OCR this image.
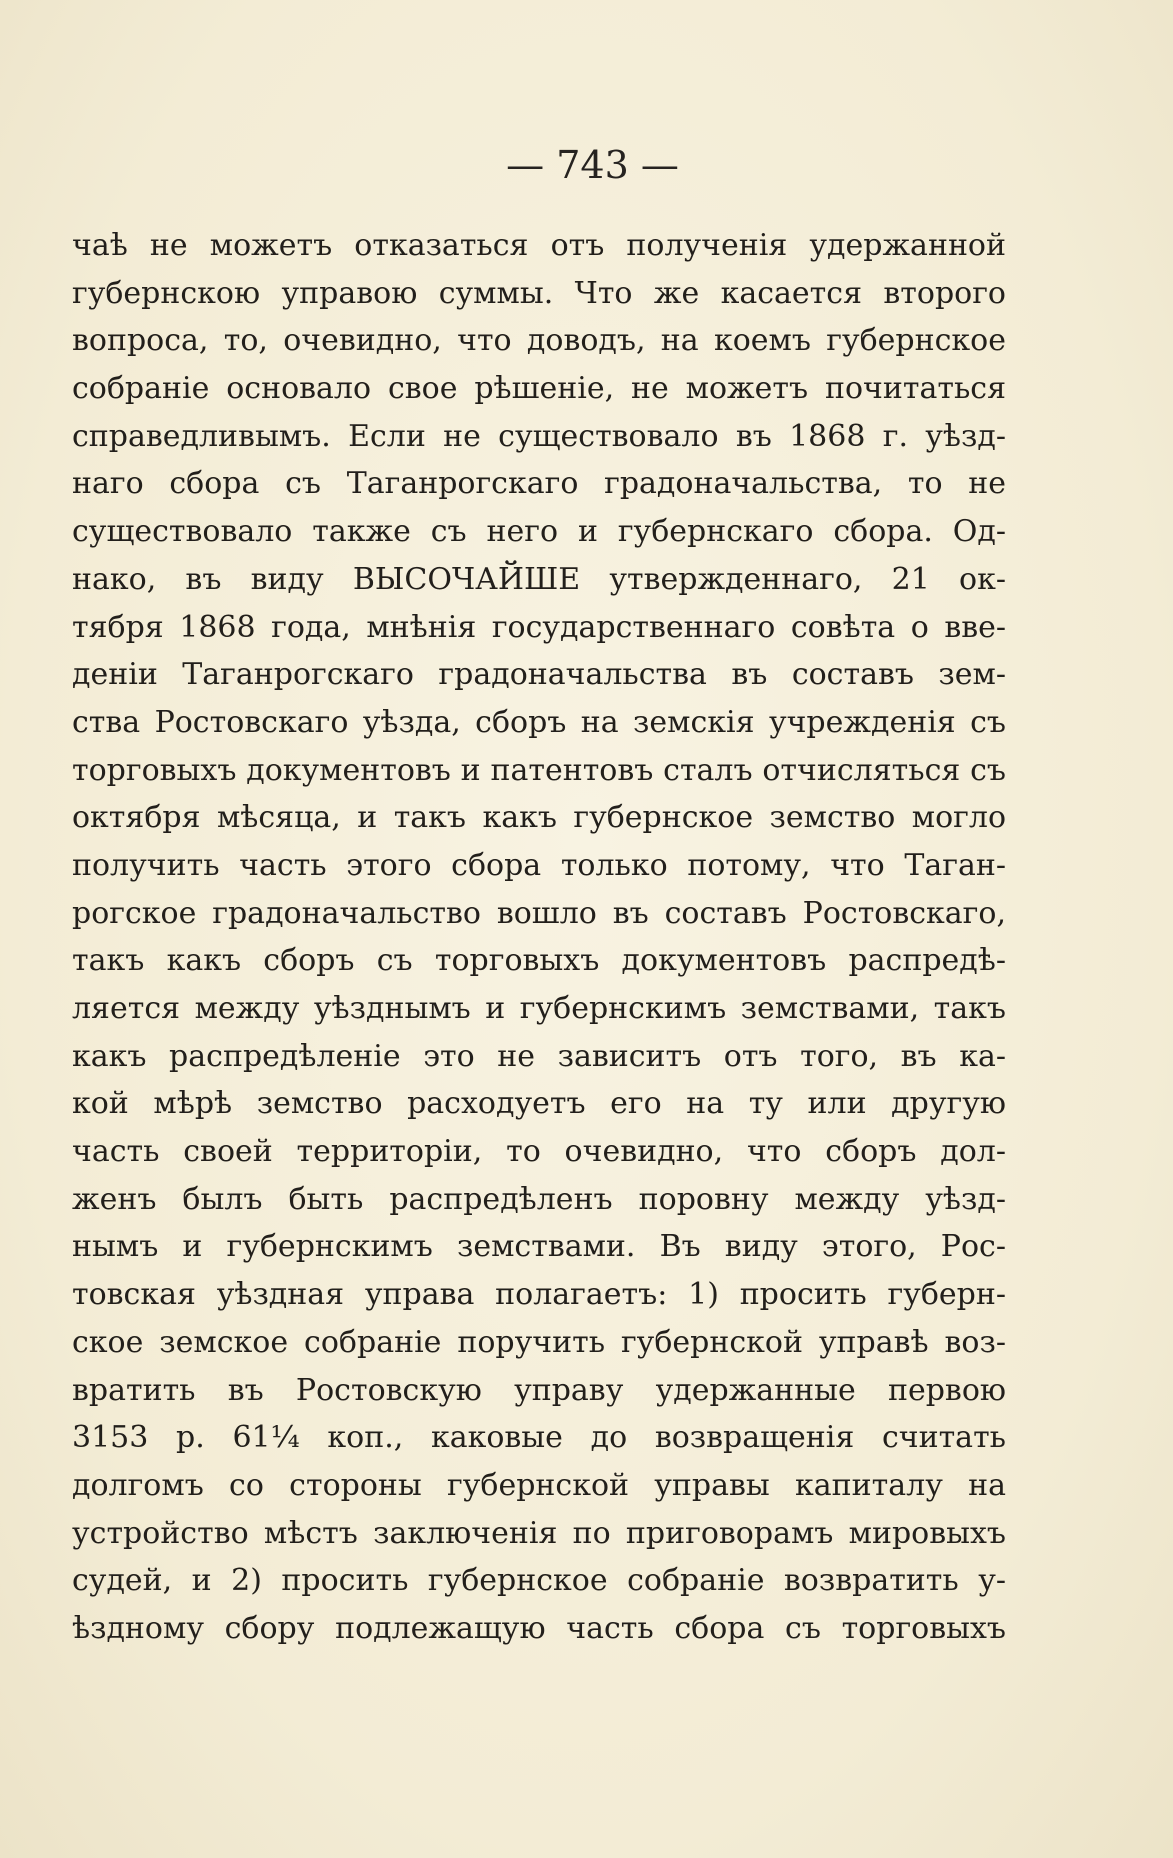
— 743 —
чаѣ не можетъ отказаться отъ полученія удержанной
губернскою управою суммы. Что же касается второго
вопроса, то, очевидно, что доводъ, на коемъ губернское
собраніе основало свое рѣшеніе, не можетъ почитаться
справедливымъ. Если не существовало въ 1868 г. уѣзд-
наго сбора съ Таганрогскаго градоначальства, то не
существовало также съ него и губернскаго сбора. Од-
нако, въ виду ВЫСОЧАЙШЕ утвержденнаго, 21 ок-
тября 1868 года, мнѣнія государственнаго совѣта о вве-
деніи Таганрогскаго градоначальства въ составъ зем-
ства Ростовскаго уѣзда, сборъ на земскія учрежденія съ
торговыхъ документовъ и патентовъ сталъ отчисляться съ
октября мѣсяца, и такъ какъ губернское земство могло
получить часть этого сбора только потому, что Таган-
рогское градоначальство вошло въ составъ Ростовскаго,
такъ какъ сборъ съ торговыхъ документовъ распредѣ-
ляется между уѣзднымъ и губернскимъ земствами, такъ
какъ распредѣленіе это не зависитъ отъ того, въ ка-
кой мѣрѣ земство расходуетъ его на ту или другую
часть своей территоріи, то очевидно, что сборъ дол-
женъ былъ быть распредѣленъ поровну между уѣзд-
нымъ и губернскимъ земствами. Въ виду этого, Рос-
товская уѣздная управа полагаетъ: 1) просить губерн-
ское земское собраніе поручить губернской управѣ воз-
вратить въ Ростовскую управу удержанные первою
3153 р. 61¼ коп., каковые до возвращенія считать
долгомъ со стороны губернской управы капиталу на
устройство мѣстъ заключенія по приговорамъ мировыхъ
судей, и 2) просить губернское собраніе возвратить у-
ѣздному сбору подлежащую часть сбора съ торговыхъ
